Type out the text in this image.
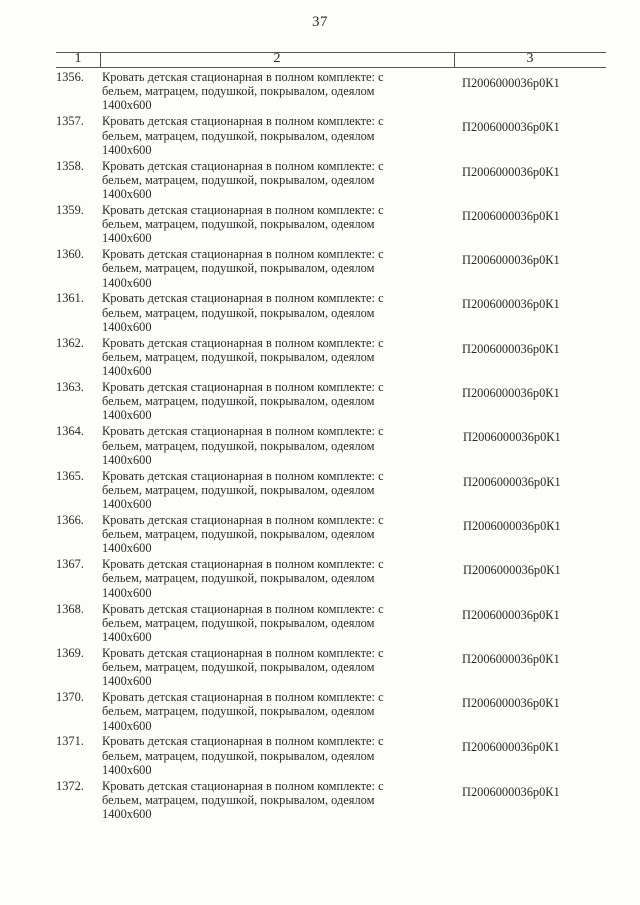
37
1	2	3
1356.	Кровать детская стационарная в полном комплекте: с
бельем, матрацем, подушкой, покрывалом, одеялом
1400x600
П2006000036р0К1
1357.	Кровать детская стационарная в полном комплекте: с
бельем, матрацем, подушкой, покрывалом, одеялом
1400x600
П2006000036р0К1
1358.	Кровать детская стационарная в полном комплекте: с
бельем, матрацем, подушкой, покрывалом, одеялом
1400x600
П2006000036р0К1
1359.	Кровать детская стационарная в полном комплекте: с
бельем, матрацем, подушкой, покрывалом, одеялом
1400x600
П2006000036р0К1
1360.	Кровать детская стационарная в полном комплекте: с
бельем, матрацем, подушкой, покрывалом, одеялом
1400x600
П2006000036р0К1
1361.	Кровать детская стационарная в полном комплекте: с
бельем, матрацем, подушкой, покрывалом, одеялом
1400x600
П2006000036р0К1
1362.	Кровать детская стационарная в полном комплекте: с
бельем, матрацем, подушкой, покрывалом, одеялом
1400x600
П2006000036р0К1
1363.	Кровать детская стационарная в полном комплекте: с
бельем, матрацем, подушкой, покрывалом, одеялом
1400x600
П2006000036р0К1
1364.	Кровать детская стационарная в полном комплекте: с
бельем, матрацем, подушкой, покрывалом, одеялом
1400x600
П2006000036р0К1
1365.	Кровать детская стационарная в полном комплекте: с
бельем, матрацем, подушкой, покрывалом, одеялом
1400x600
П2006000036р0К1
1366.	Кровать детская стационарная в полном комплекте: с
бельем, матрацем, подушкой, покрывалом, одеялом
1400x600
П2006000036р0К1
1367.	Кровать детская стационарная в полном комплекте: с
бельем, матрацем, подушкой, покрывалом, одеялом
1400x600
П2006000036р0К1
1368.	Кровать детская стационарная в полном комплекте: с
бельем, матрацем, подушкой, покрывалом, одеялом
1400x600
П2006000036р0К1
1369.	Кровать детская стационарная в полном комплекте: с
бельем, матрацем, подушкой, покрывалом, одеялом
1400x600
П2006000036р0К1
1370.	Кровать детская стационарная в полном комплекте: с
бельем, матрацем, подушкой, покрывалом, одеялом
1400x600
П2006000036р0К1
1371.	Кровать детская стационарная в полном комплекте: с
бельем, матрацем, подушкой, покрывалом, одеялом
1400x600
П2006000036р0К1
1372.	Кровать детская стационарная в полном комплекте: с
бельем, матрацем, подушкой, покрывалом, одеялом
1400x600
П2006000036р0К1
